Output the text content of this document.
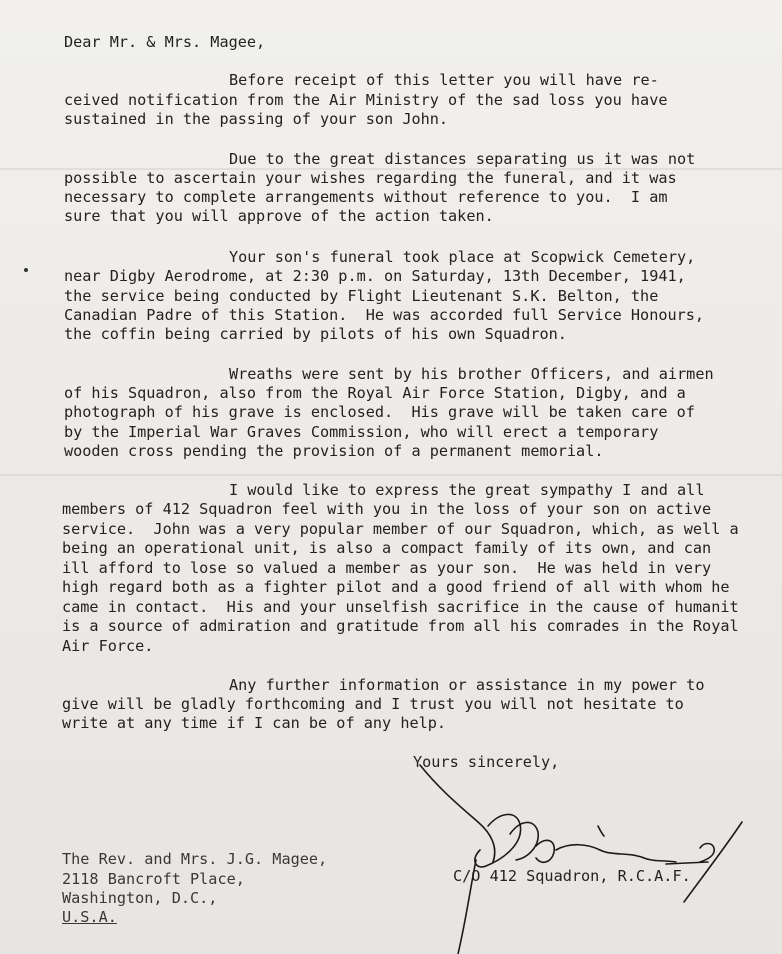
Dear Mr. & Mrs. Magee,
Before receipt of this letter you will have re-
ceived notification from the Air Ministry of the sad loss you have
sustained in the passing of your son John.
Due to the great distances separating us it was not
possible to ascertain your wishes regarding the funeral, and it was
necessary to complete arrangements without reference to you.  I am
sure that you will approve of the action taken.
Your son's funeral took place at Scopwick Cemetery,
near Digby Aerodrome, at 2:30 p.m. on Saturday, 13th December, 1941,
the service being conducted by Flight Lieutenant S.K. Belton, the
Canadian Padre of this Station.  He was accorded full Service Honours,
the coffin being carried by pilots of his own Squadron.
Wreaths were sent by his brother Officers, and airmen
of his Squadron, also from the Royal Air Force Station, Digby, and a
photograph of his grave is enclosed.  His grave will be taken care of
by the Imperial War Graves Commission, who will erect a temporary
wooden cross pending the provision of a permanent memorial.
I would like to express the great sympathy I and all
members of 412 Squadron feel with you in the loss of your son on active
service.  John was a very popular member of our Squadron, which, as well a
being an operational unit, is also a compact family of its own, and can
ill afford to lose so valued a member as your son.  He was held in very
high regard both as a fighter pilot and a good friend of all with whom he
came in contact.  His and your unselfish sacrifice in the cause of humanit
is a source of admiration and gratitude from all his comrades in the Royal
Air Force.
Any further information or assistance in my power to
give will be gladly forthcoming and I trust you will not hesitate to
write at any time if I can be of any help.
Yours sincerely,
The Rev. and Mrs. J.G. Magee,
2118 Bancroft Place,
Washington, D.C.,
U.S.A.
C/O 412 Squadron, R.C.A.F.
